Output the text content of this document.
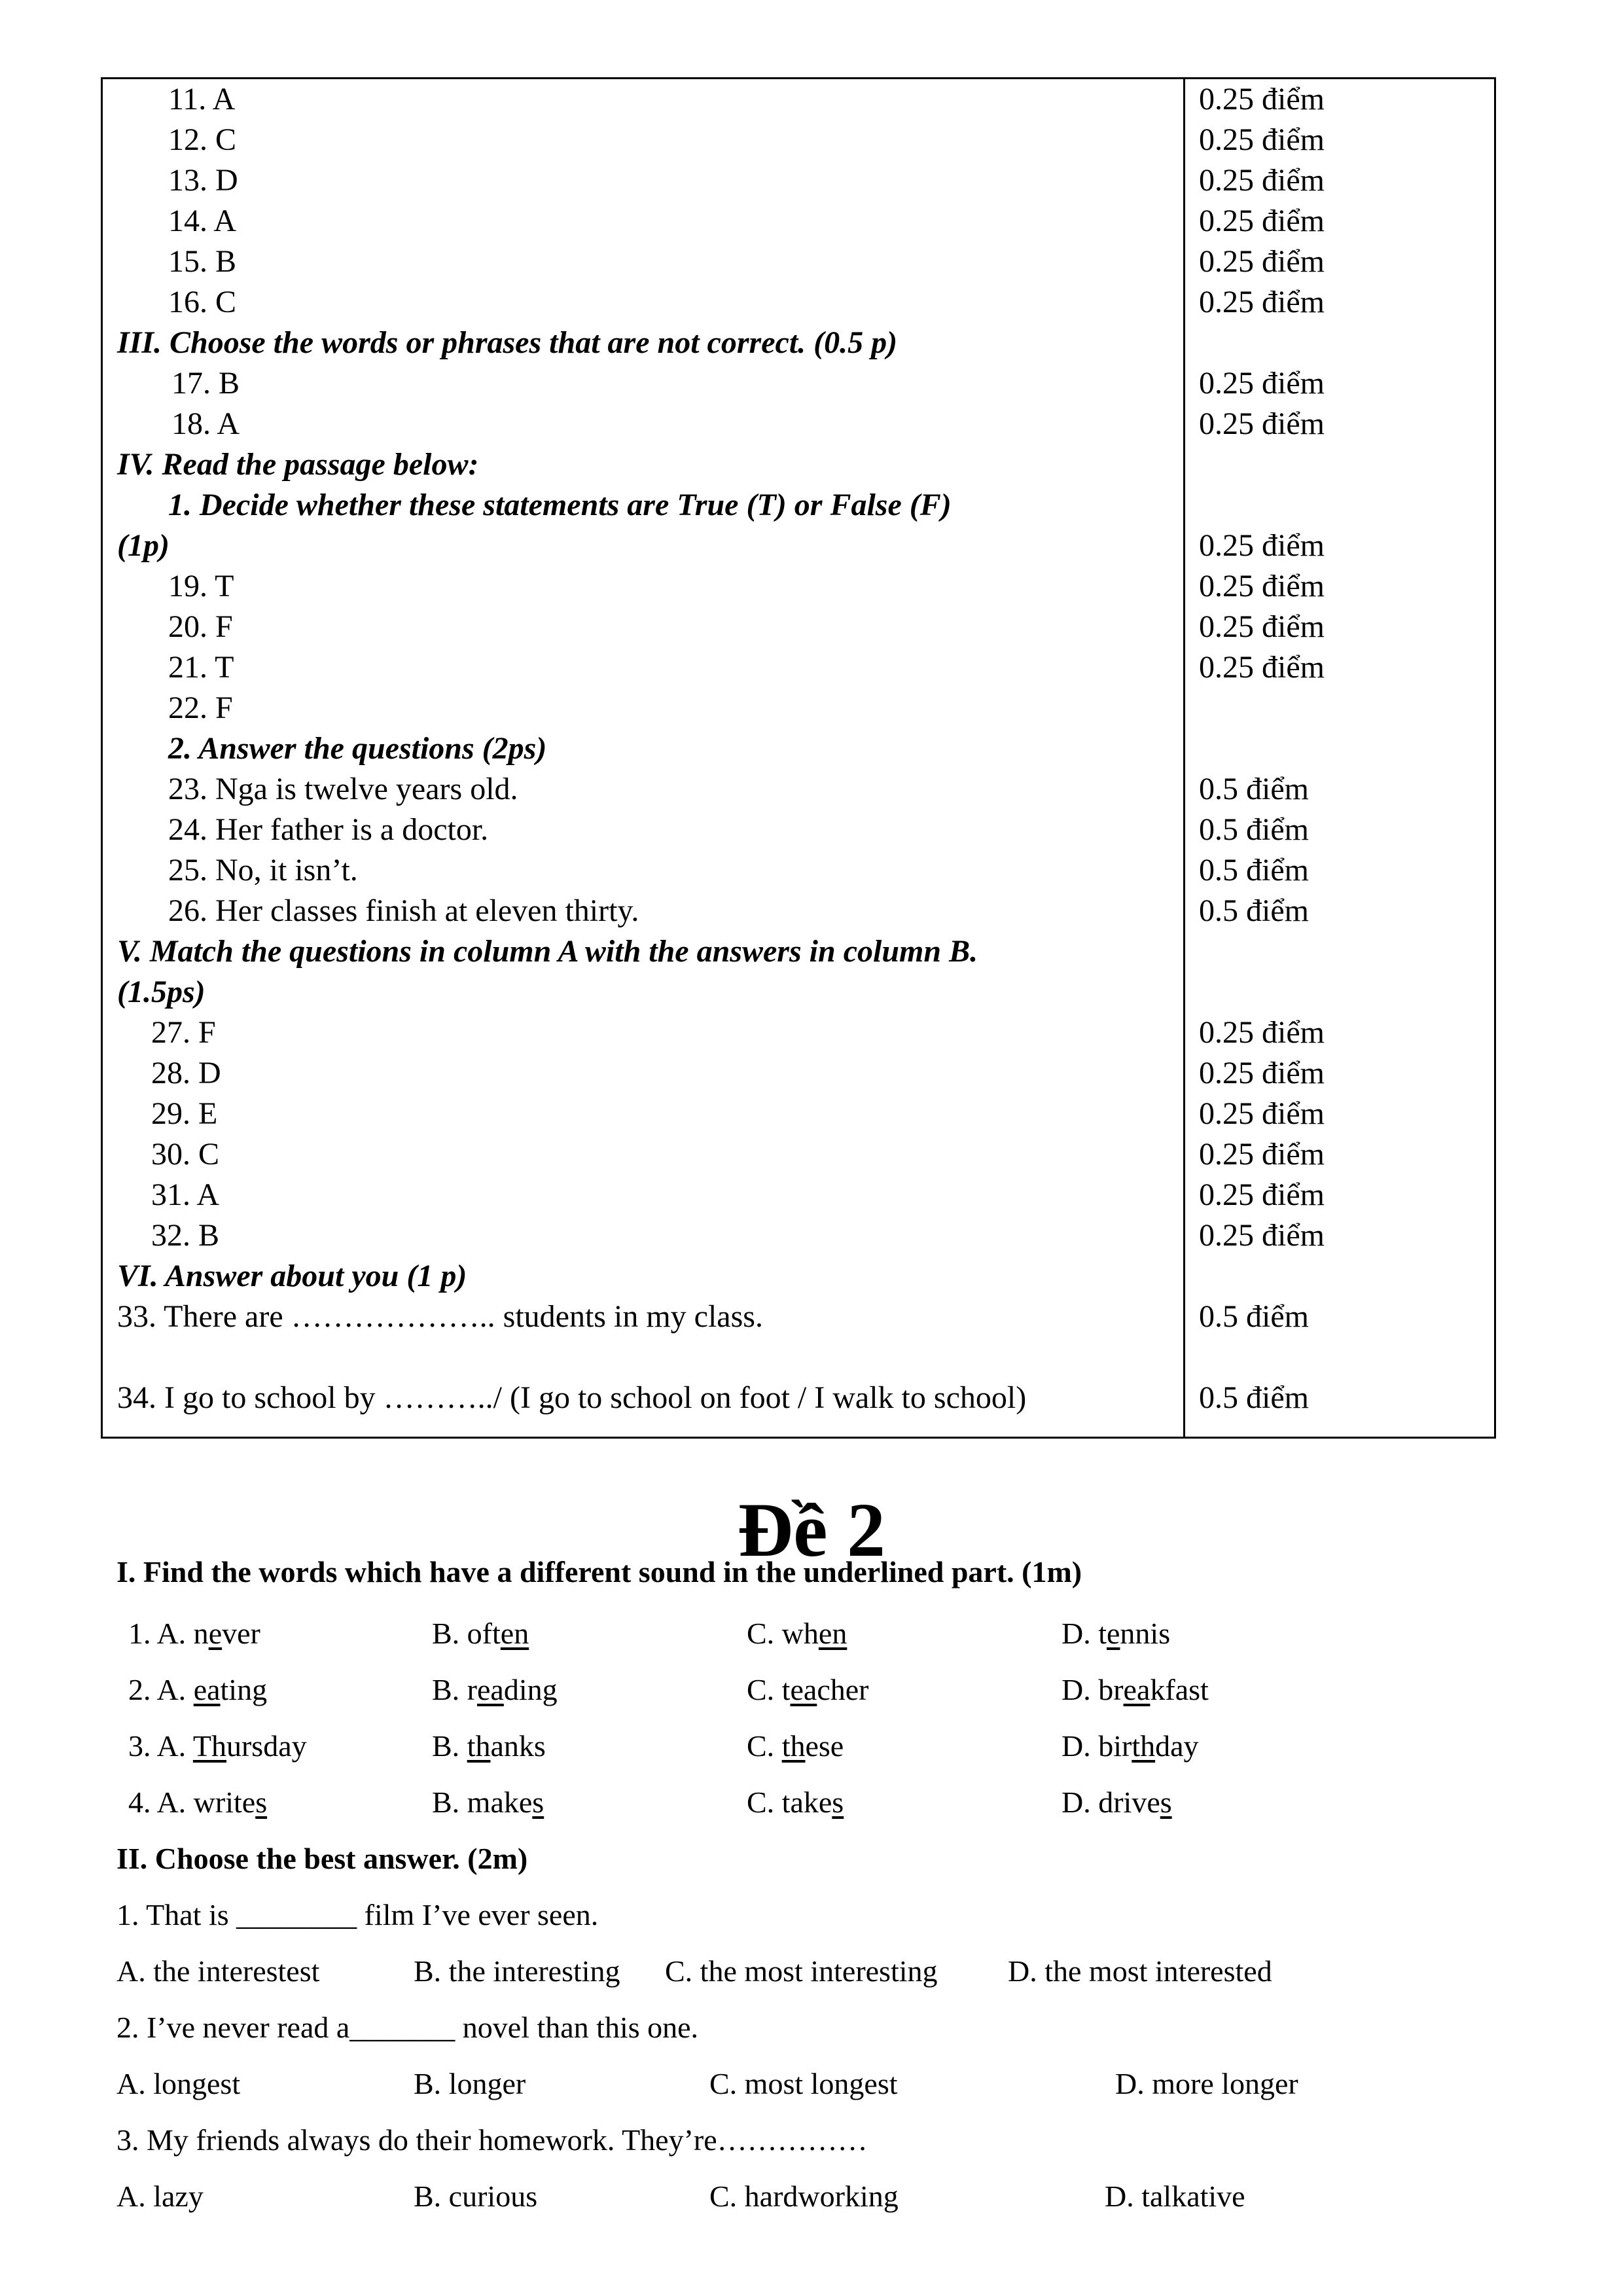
11. A	0.25 điểm
12. C	0.25 điểm
13. D	0.25 điểm
14. A	0.25 điểm
15. B	0.25 điểm
16. C	0.25 điểm
III. Choose the words or phrases that are not correct. (0.5 p)
17. B	0.25 điểm
18. A	0.25 điểm
IV. Read the passage below:
1. Decide whether these statements are True (T) or False (F)
(1p)	0.25 điểm
19. T	0.25 điểm
20. F	0.25 điểm
21. T	0.25 điểm
22. F
2. Answer the questions (2ps)
23. Nga is twelve years old.	0.5 điểm
24. Her father is a doctor.	0.5 điểm
25. No, it isn’t.	0.5 điểm
26. Her classes finish at eleven thirty.	0.5 điểm
V. Match the questions in column A with the answers in column B.
(1.5ps)
27. F	0.25 điểm
28. D	0.25 điểm
29. E	0.25 điểm
30. C	0.25 điểm
31. A	0.25 điểm
32. B	0.25 điểm
VI. Answer about you (1 p)
33. There are ……………….. students in my class.	0.5 điểm
34. I go to school by ………../ (I go to school on foot / I walk to school)	0.5 điểm
Đề 2
I. Find the words which have a different sound in the underlined part. (1m)
1. A. never	B. often	C. when	D. tennis
2. A. eating	B. reading	C. teacher	D. breakfast
3. A. Thursday	B. thanks	C. these	D. birthday
4. A. writes	B. makes	C. takes	D. drives
II. Choose the best answer. (2m)
1. That is ________ film I’ve ever seen.
A. the interestest	B. the interesting C. the most interesting D. the most interested
2. I’ve never read a_______ novel than this one.
A. longest	B. longer	C. most longest	D. more longer
3. My friends always do their homework. They’re……………
A. lazy	B. curious	C. hardworking	D. talkative
